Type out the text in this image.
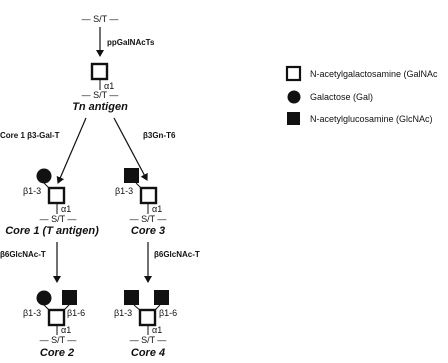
— S/T —
ppGalNAcTs
α1
— S/T —
Tn antigen
Core 1 β3-Gal-T	β3Gn-T6
β1-3
α1
— S/T —
Core 1 (T antigen)
β1-3
α1
— S/T —
Core 3
β6GlcNAc-T	β6GlcNAc-T
β1-3	β1-6
α1
— S/T —
Core 2
β1-3	β1-6
α1
— S/T —
Core 4
N-acetylgalactosamine (GalNAc
Galactose (Gal)
N-acetylglucosamine (GlcNAc)
